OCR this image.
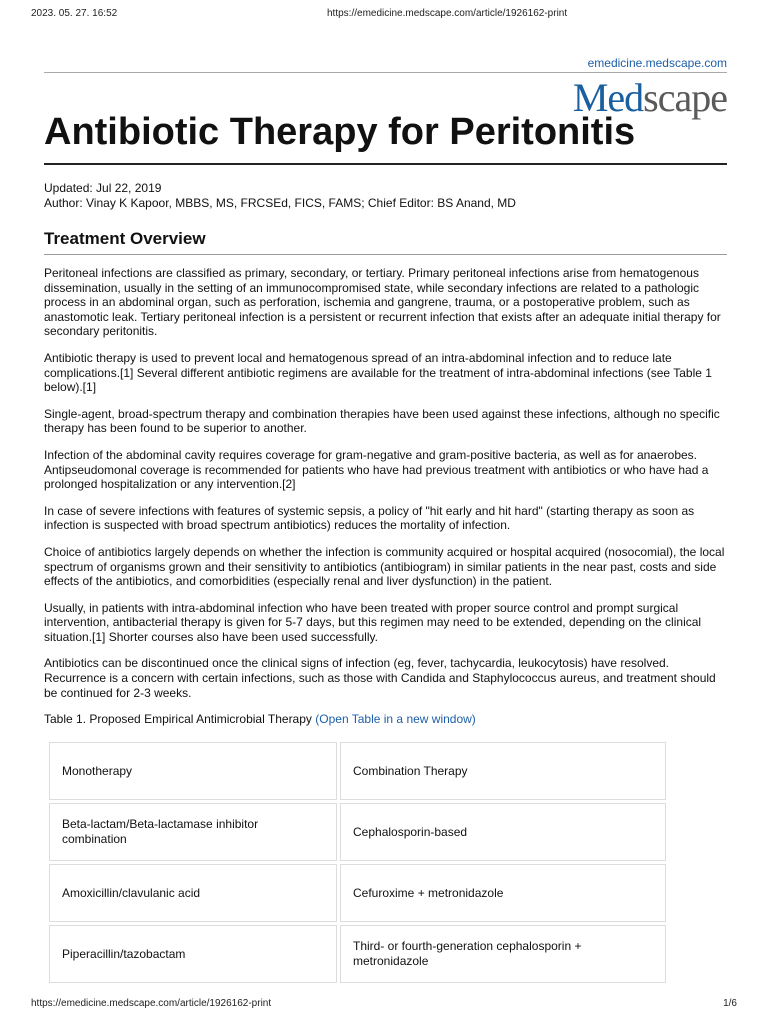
2023. 05. 27. 16:52	https://emedicine.medscape.com/article/1926162-print
emedicine.medscape.com
Medscape
Antibiotic Therapy for Peritonitis
Updated: Jul 22, 2019
Author: Vinay K Kapoor, MBBS, MS, FRCSEd, FICS, FAMS; Chief Editor: BS Anand, MD
Treatment Overview

Peritoneal infections are classified as primary, secondary, or tertiary. Primary peritoneal infections arise from hematogenous dissemination, usually in the setting of an immunocompromised state, while secondary infections are related to a pathologic process in an abdominal organ, such as perforation, ischemia and gangrene, trauma, or a postoperative problem, such as anastomotic leak. Tertiary peritoneal infection is a persistent or recurrent infection that exists after an adequate initial therapy for secondary peritonitis.

Antibiotic therapy is used to prevent local and hematogenous spread of an intra-abdominal infection and to reduce late complications.[1] Several different antibiotic regimens are available for the treatment of intra-abdominal infections (see Table 1 below).[1]

Single-agent, broad-spectrum therapy and combination therapies have been used against these infections, although no specific therapy has been found to be superior to another.

Infection of the abdominal cavity requires coverage for gram-negative and gram-positive bacteria, as well as for anaerobes. Antipseudomonal coverage is recommended for patients who have had previous treatment with antibiotics or who have had a prolonged hospitalization or any intervention.[2]

In case of severe infections with features of systemic sepsis, a policy of "hit early and hit hard" (starting therapy as soon as infection is suspected with broad spectrum antibiotics) reduces the mortality of infection.

Choice of antibiotics largely depends on whether the infection is community acquired or hospital acquired (nosocomial), the local spectrum of organisms grown and their sensitivity to antibiotics (antibiogram) in similar patients in the near past, costs and side effects of the antibiotics, and comorbidities (especially renal and liver dysfunction) in the patient.

Usually, in patients with intra-abdominal infection who have been treated with proper source control and prompt surgical intervention, antibacterial therapy is given for 5-7 days, but this regimen may need to be extended, depending on the clinical situation.[1] Shorter courses also have been used successfully.

Antibiotics can be discontinued once the clinical signs of infection (eg, fever, tachycardia, leukocytosis) have resolved. Recurrence is a concern with certain infections, such as those with Candida and Staphylococcus aureus, and treatment should be continued for 2-3 weeks.

Table 1. Proposed Empirical Antimicrobial Therapy (Open Table in a new window)
Monotherapy	Combination Therapy
Beta-lactam/Beta-lactamase inhibitor combination	Cephalosporin-based
Amoxicillin/clavulanic acid	Cefuroxime + metronidazole
Piperacillin/tazobactam	Third- or fourth-generation cephalosporin + metronidazole
https://emedicine.medscape.com/article/1926162-print	1/6
